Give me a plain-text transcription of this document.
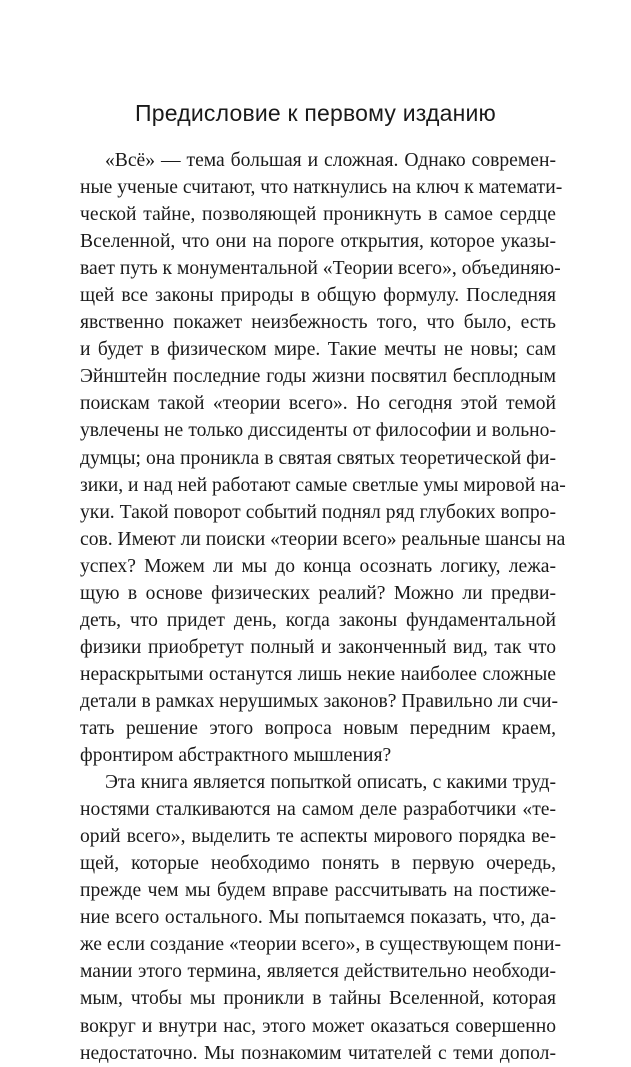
Предисловие к первому изданию
«Всё» — тема большая и сложная. Однако современ-
ные ученые считают, что наткнулись на ключ к математи-
ческой тайне, позволяющей проникнуть в самое сердце
Вселенной, что они на пороге открытия, которое указы-
вает путь к монументальной «Теории всего», объединяю-
щей все законы природы в общую формулу. Последняя
явственно покажет неизбежность того, что было, есть
и будет в физическом мире. Такие мечты не новы; сам
Эйнштейн последние годы жизни посвятил бесплодным
поискам такой «теории всего». Но сегодня этой темой
увлечены не только диссиденты от философии и вольно-
думцы; она проникла в святая святых теоретической фи-
зики, и над ней работают самые светлые умы мировой на-
уки. Такой поворот событий поднял ряд глубоких вопро-
сов. Имеют ли поиски «теории всего» реальные шансы на
успех? Можем ли мы до конца осознать логику, лежа-
щую в основе физических реалий? Можно ли предви-
деть, что придет день, когда законы фундаментальной
физики приобретут полный и законченный вид, так что
нераскрытыми останутся лишь некие наиболее сложные
детали в рамках нерушимых законов? Правильно ли счи-
тать решение этого вопроса новым передним краем,
фронтиром абстрактного мышления?
Эта книга является попыткой описать, с какими труд-
ностями сталкиваются на самом деле разработчики «те-
орий всего», выделить те аспекты мирового порядка ве-
щей, которые необходимо понять в первую очередь,
прежде чем мы будем вправе рассчитывать на постиже-
ние всего остального. Мы попытаемся показать, что, да-
же если создание «теории всего», в существующем пони-
мании этого термина, является действительно необходи-
мым, чтобы мы проникли в тайны Вселенной, которая
вокруг и внутри нас, этого может оказаться совершенно
недостаточно. Мы познакомим читателей с теми допол-
